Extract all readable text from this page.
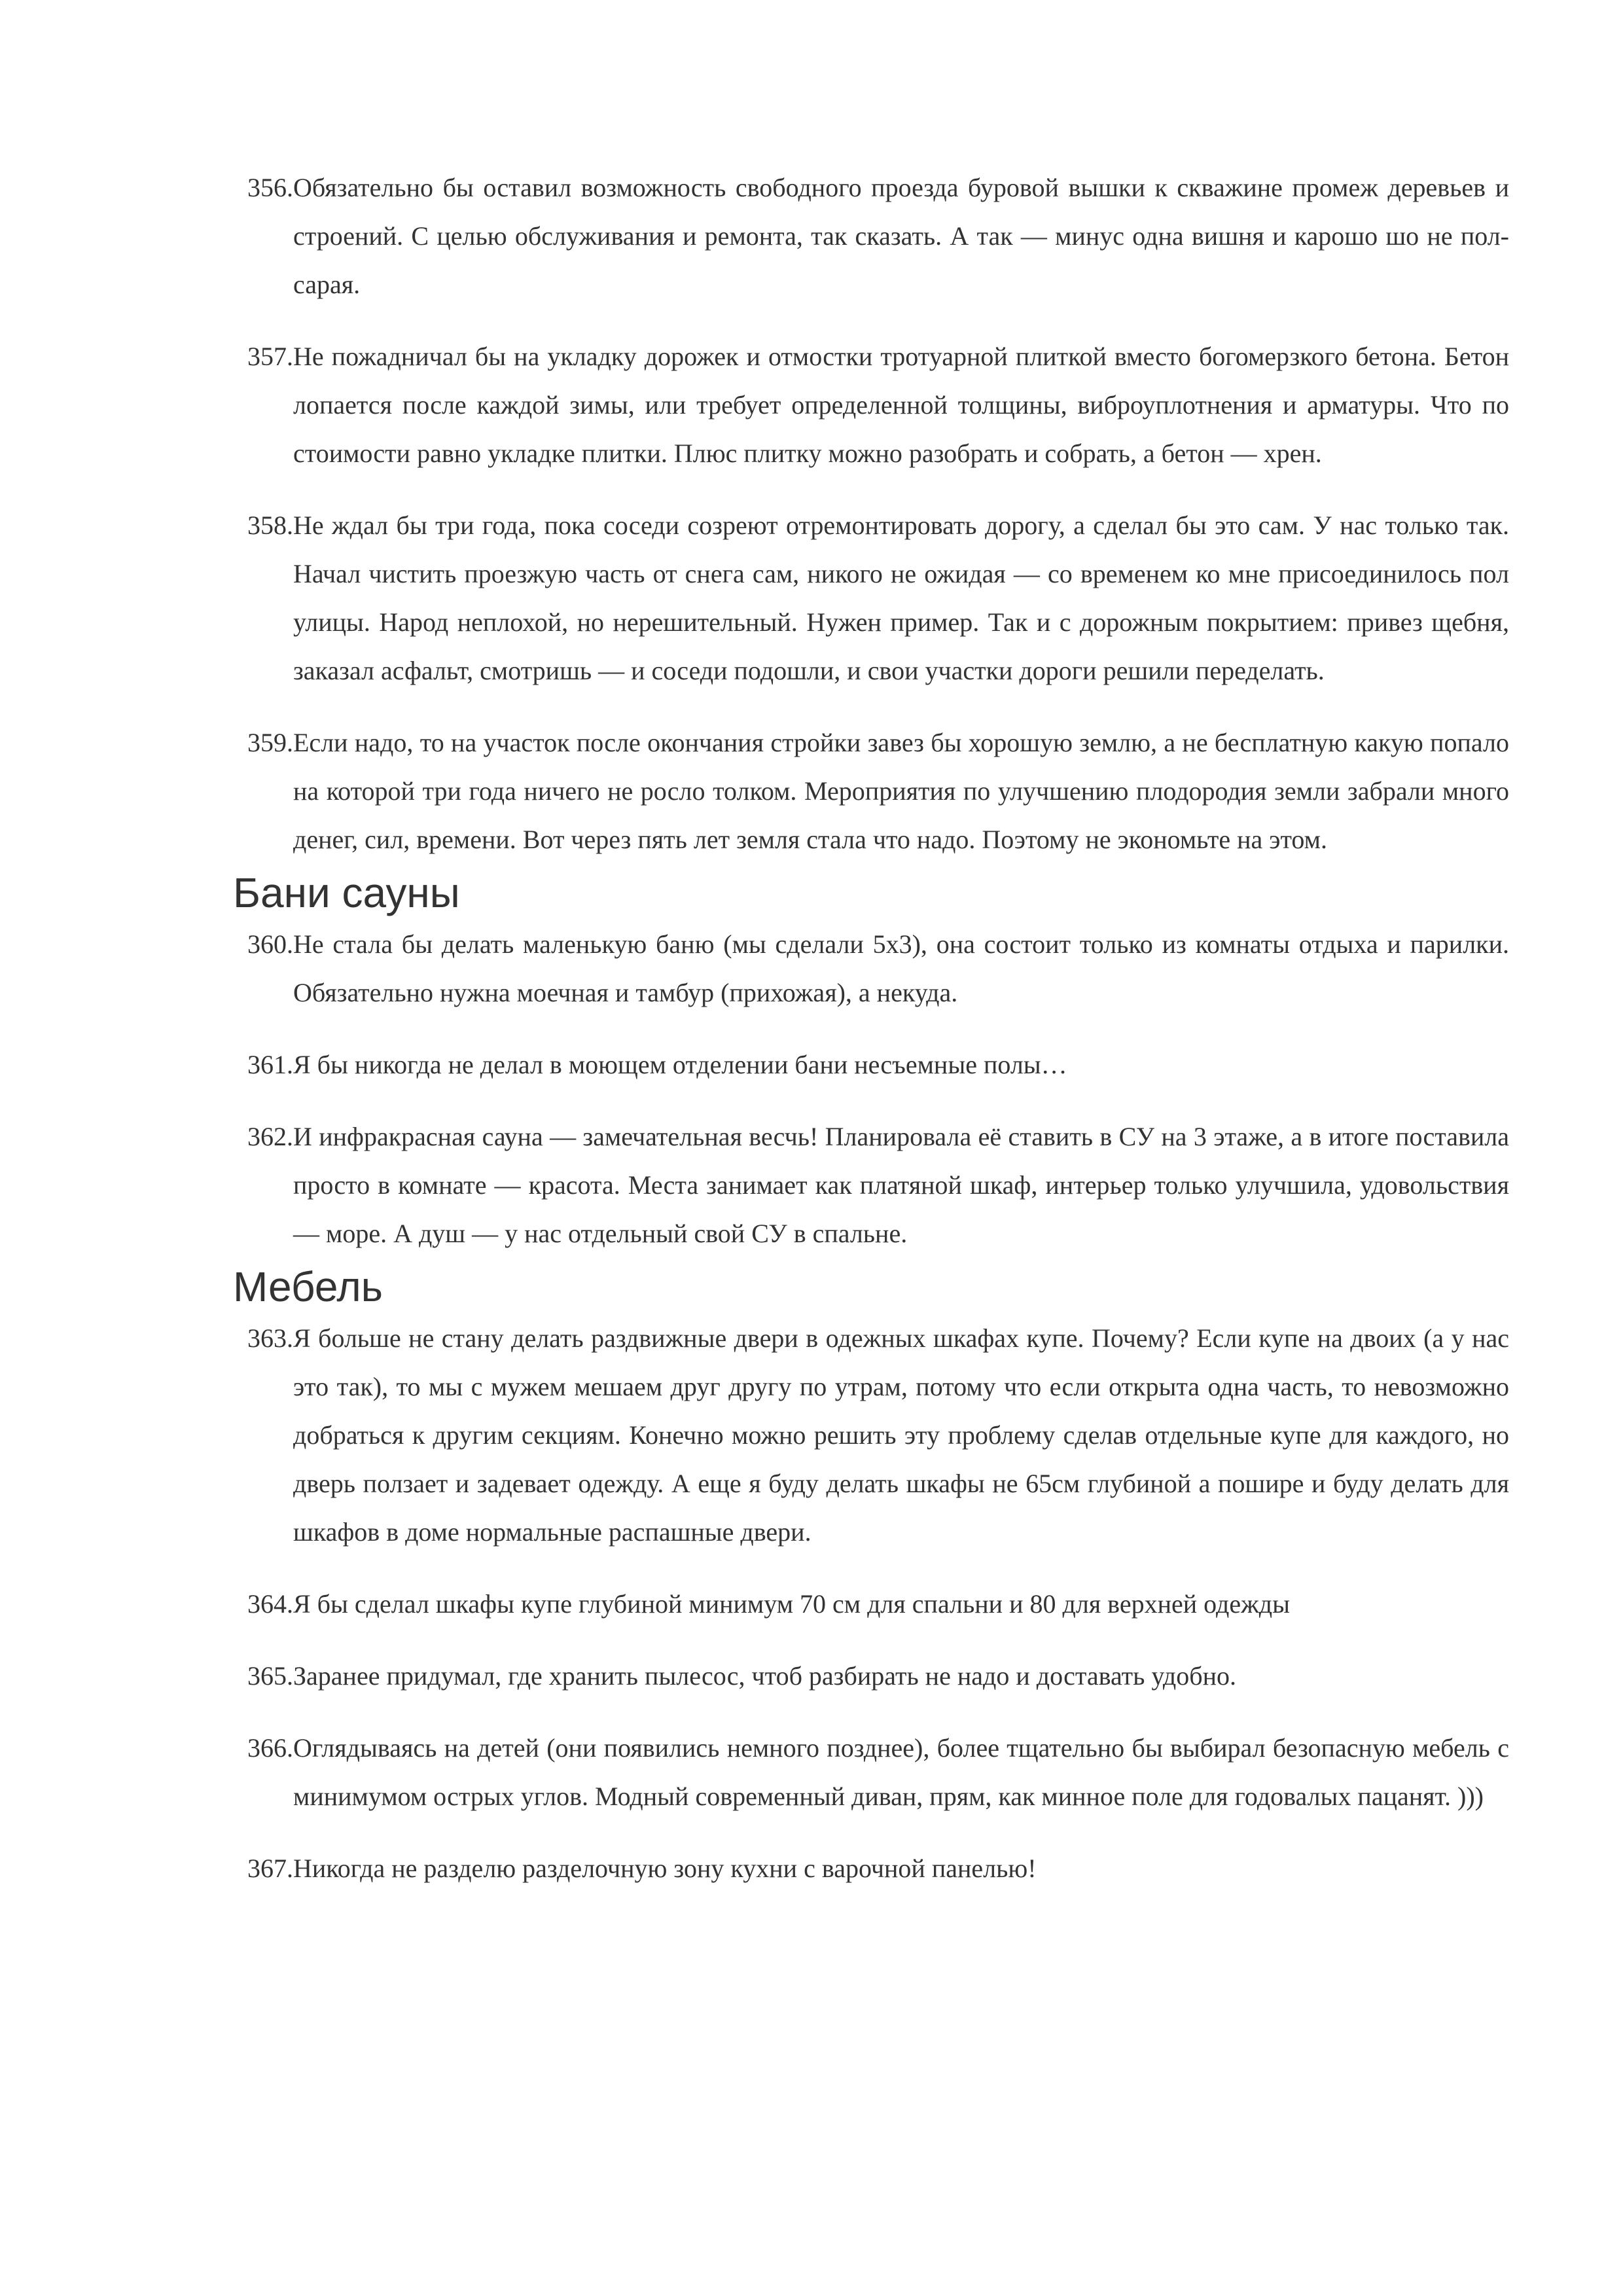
356. Обязательно бы оставил возможность свободного проезда буровой вышки к скважине промеж деревьев и строений. С целью обслуживания и ремонта, так сказать. А так — минус одна вишня и карошо шо не пол-сарая.
357. Не пожадничал бы на укладку дорожек и отмостки тротуарной плиткой вместо богомерзкого бетона. Бетон лопается после каждой зимы, или требует определенной толщины, виброуплотнения и арматуры. Что по стоимости равно укладке плитки. Плюс плитку можно разобрать и собрать, а бетон — хрен.
358. Не ждал бы три года, пока соседи созреют отремонтировать дорогу, а сделал бы это сам. У нас только так. Начал чистить проезжую часть от снега сам, никого не ожидая — со временем ко мне присоединилось пол улицы. Народ неплохой, но нерешительный. Нужен пример. Так и с дорожным покрытием: привез щебня, заказал асфальт, смотришь — и соседи подошли, и свои участки дороги решили переделать.
359. Если надо, то на участок после окончания стройки завез бы хорошую землю, а не бесплатную какую попало на которой три года ничего не росло толком. Мероприятия по улучшению плодородия земли забрали много денег, сил, времени. Вот через пять лет земля стала что надо. Поэтому не экономьте на этом.
Бани сауны
360. Не стала бы делать маленькую баню (мы сделали 5х3), она состоит только из комнаты отдыха и парилки. Обязательно нужна моечная и тамбур (прихожая), а некуда.
361. Я бы никогда не делал в моющем отделении бани несъемные полы…
362. И инфракрасная сауна — замечательная весчь! Планировала её ставить в СУ на 3 этаже, а в итоге поставила просто в комнате — красота. Места занимает как платяной шкаф, интерьер только улучшила, удовольствия — море. А душ — у нас отдельный свой СУ в спальне.
Мебель
363. Я больше не стану делать раздвижные двери в одежных шкафах купе. Почему? Если купе на двоих (а у нас это так), то мы с мужем мешаем друг другу по утрам, потому что если открыта одна часть, то невозможно добраться к другим секциям. Конечно можно решить эту проблему сделав отдельные купе для каждого, но дверь ползает и задевает одежду. А еще я буду делать шкафы не 65см глубиной а пошире и буду делать для шкафов в доме нормальные распашные двери.
364. Я бы сделал шкафы купе глубиной минимум 70 см для спальни и 80 для верхней одежды
365. Заранее придумал, где хранить пылесос, чтоб разбирать не надо и доставать удобно.
366. Оглядываясь на детей (они появились немного позднее), более тщательно бы выбирал безопасную мебель с минимумом острых углов. Модный современный диван, прям, как минное поле для годовалых пацанят. )))
367. Никогда не разделю разделочную зону кухни с варочной панелью!
